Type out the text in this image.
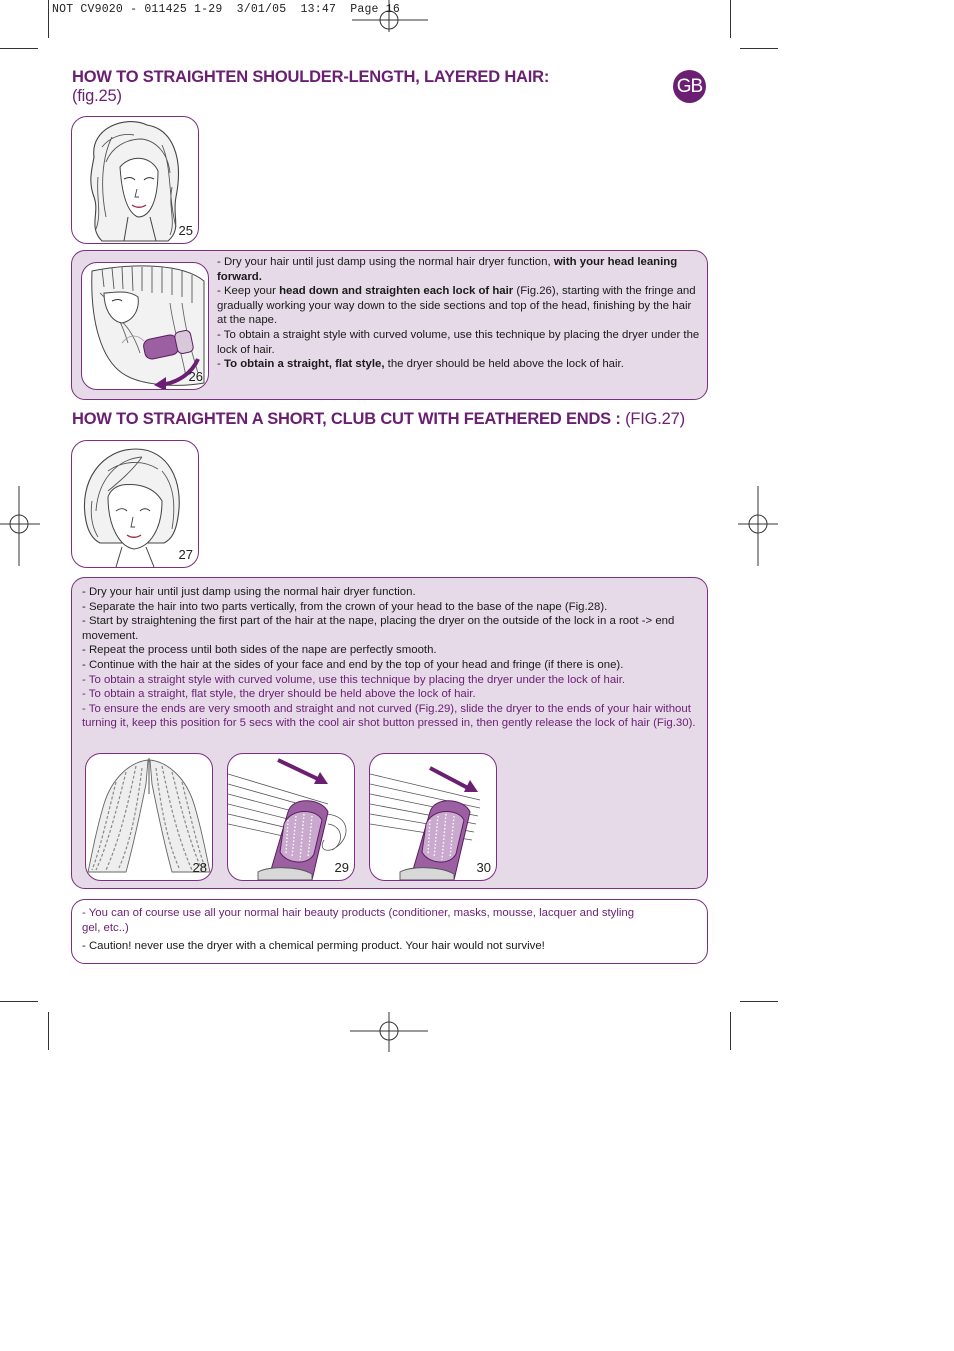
NOT CV9020 - 011425 1-29  3/01/05  13:47  Page 16
HOW TO STRAIGHTEN SHOULDER-LENGTH, LAYERED HAIR:
(fig.25)	GB
25
26

- Dry your hair until just damp using the normal hair dryer function, with your head leaning forward.

- Keep your head down and straighten each lock of hair (Fig.26), starting with the fringe and gradually working your way down to the side sections and top of the head, finishing by the hair at the nape.

- To obtain a straight style with curved volume, use this technique by placing the dryer under the lock of hair.

- To obtain a straight, flat style, the dryer should be held above the lock of hair.

HOW TO STRAIGHTEN A SHORT, CLUB CUT WITH FEATHERED ENDS : (FIG.27)
27

- Dry your hair until just damp using the normal hair dryer function.

- Separate the hair into two parts vertically, from the crown of your head to the base of the nape (Fig.28).

- Start by straightening the first part of the hair at the nape, placing the dryer on the outside of the lock in a root -> end movement.

- Repeat the process until both sides of the nape are perfectly smooth.

- Continue with the hair at the sides of your face and end by the top of your head and fringe (if there is one).

- To obtain a straight style with curved volume, use this technique by placing the dryer under the lock of hair.

- To obtain a straight, flat style, the dryer should be held above the lock of hair.

- To ensure the ends are very smooth and straight and not curved (Fig.29), slide the dryer to the ends of your hair without turning it, keep this position for 5 secs with the cool air shot button pressed in, then gently release the lock of hair (Fig.30).

28	29	30

- You can of course use all your normal hair beauty products (conditioner, masks, mousse, lacquer and styling gel, etc..)

- Caution! never use the dryer with a chemical perming product. Your hair would not survive!
